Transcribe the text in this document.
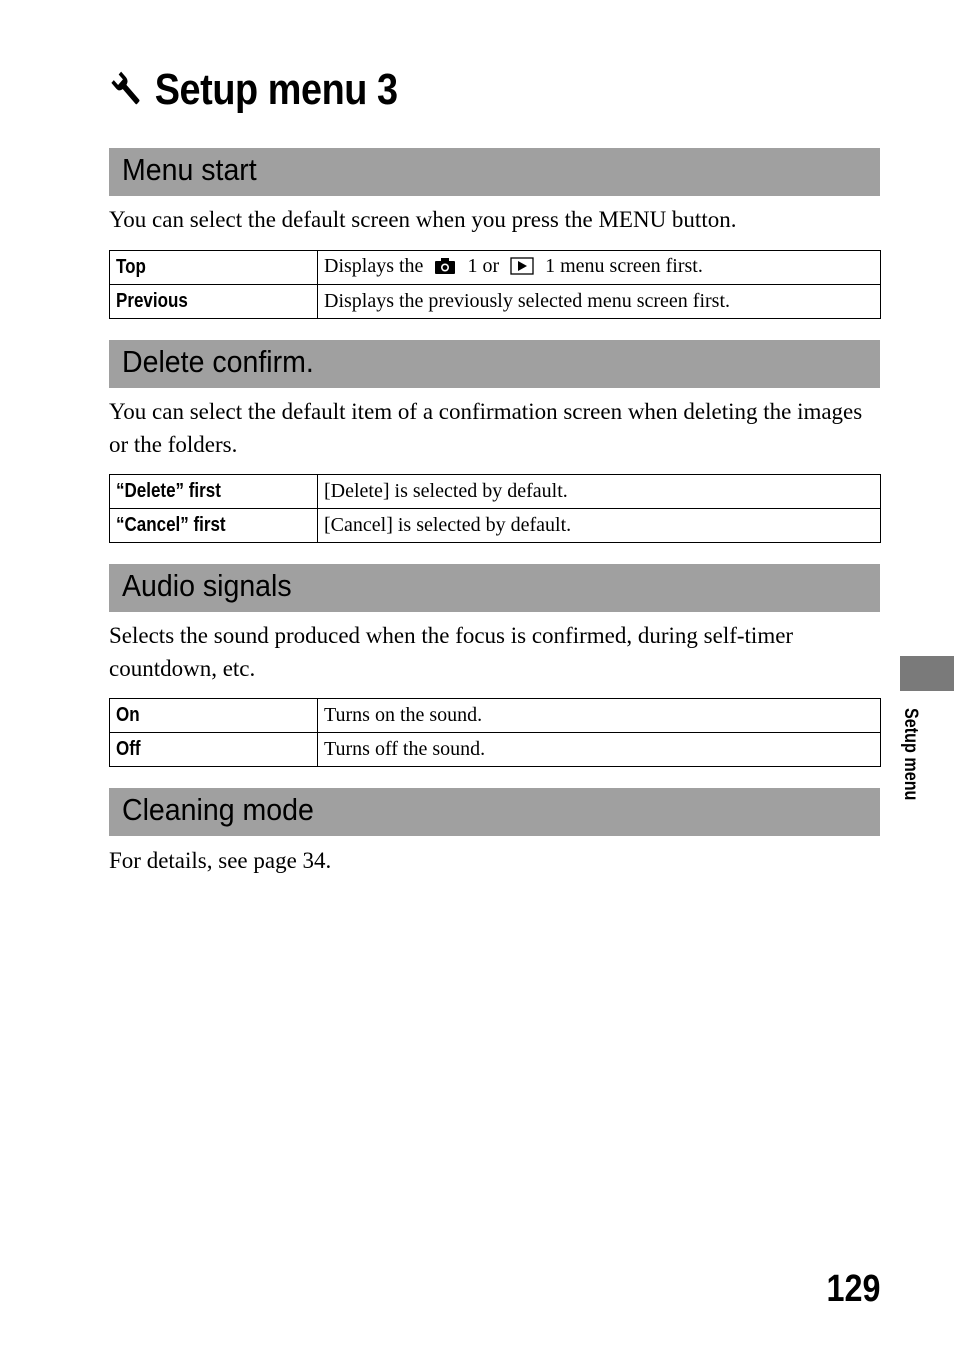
Setup menu 3
Menu start
You can select the default screen when you press the MENU button.
Top	Displays the 1 or 1 menu screen first.
Previous	Displays the previously selected menu screen first.
Delete confirm.
You can select the default item of a confirmation screen when deleting the images or the folders.
“Delete” first	[Delete] is selected by default.
“Cancel” first	[Cancel] is selected by default.
Audio signals
Selects the sound produced when the focus is confirmed, during self-timer countdown, etc.
On	Turns on the sound.
Off	Turns off the sound.
Cleaning mode
For details, see page 34.
Setup menu
129
